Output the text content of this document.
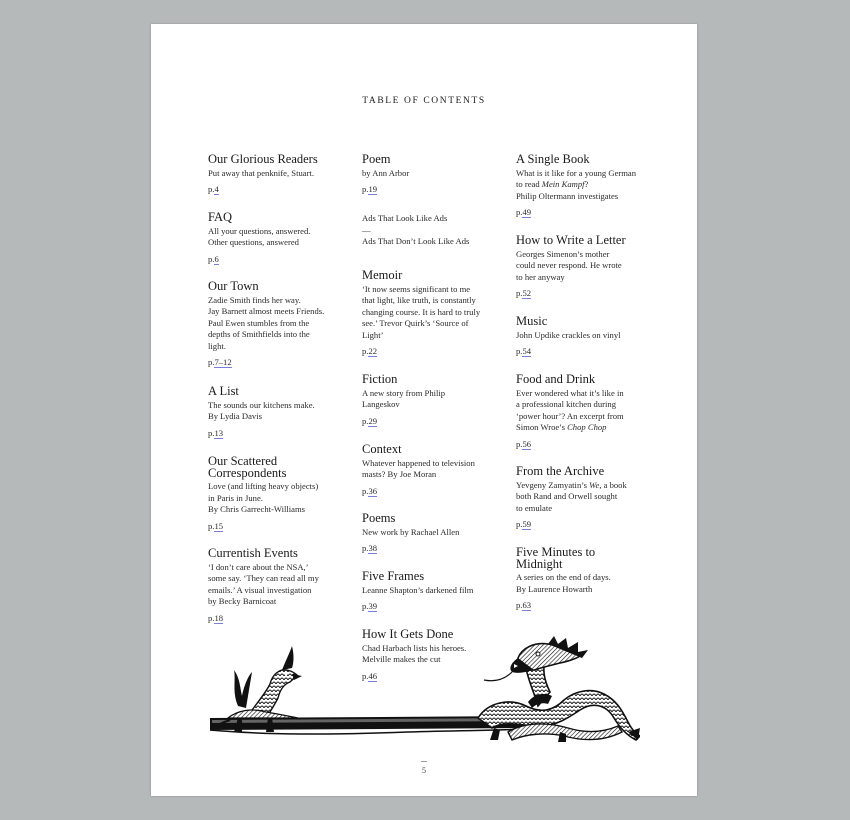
TABLE OF CONTENTS
Our Glorious Readers
Put away that penknife, Stuart.
p.4
FAQ
All your questions, answered.
Other questions, answered
p.6
Our Town
Zadie Smith finds her way.
Jay Barnett almost meets Friends.
Paul Ewen stumbles from the
depths of Smithfields into the
light.
p.7–12
A List
The sounds our kitchens make.
By Lydia Davis
p.13
Our Scattered Correspondents
Love (and lifting heavy objects)
in Paris in June.
By Chris Garrecht-Williams
p.15
Currentish Events
‘I don’t care about the NSA,’
some say. ‘They can read all my
emails.’ A visual investigation
by Becky Barnicoat
p.18
Poem
by Ann Arbor
p.19
Ads That Look Like Ads
—
Ads That Don’t Look Like Ads
Memoir
‘It now seems significant to me
that light, like truth, is constantly
changing course. It is hard to truly
see.’ Trevor Quirk’s ‘Source of
Light’
p.22
Fiction
A new story from Philip
Langeskov
p.29
Context
Whatever happened to television
masts? By Joe Moran
p.36
Poems
New work by Rachael Allen
p.38
Five Frames
Leanne Shapton’s darkened film
p.39
How It Gets Done
Chad Harbach lists his heroes.
Melville makes the cut
p.46
A Single Book
What is it like for a young German
to read Mein Kampf?
Philip Oltermann investigates
p.49
How to Write a Letter
Georges Simenon’s mother
could never respond. He wrote
to her anyway
p.52
Music
John Updike crackles on vinyl
p.54
Food and Drink
Ever wondered what it’s like in
a professional kitchen during
‘power hour’? An excerpt from
Simon Wroe’s Chop Chop
p.56
From the Archive
Yevgeny Zamyatin’s We, a book
both Rand and Orwell sought
to emulate
p.59
Five Minutes to Midnight
A series on the end of days.
By Laurence Howarth
p.63
5
